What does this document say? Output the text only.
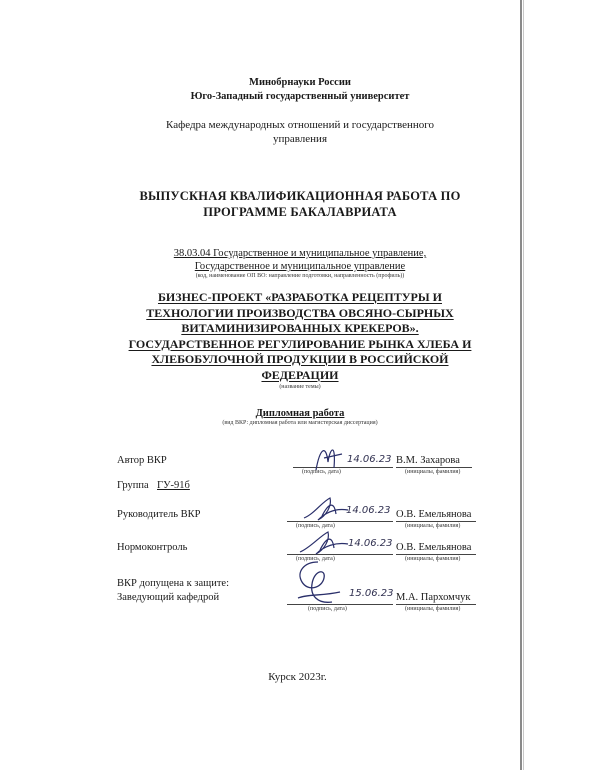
Минобрнауки России
Юго-Западный государственный университет
Кафедра международных отношений и государственного
управления
ВЫПУСКНАЯ КВАЛИФИКАЦИОННАЯ РАБОТА ПО
ПРОГРАММЕ БАКАЛАВРИАТА
38.03.04 Государственное и муниципальное управление,
Государственное и муниципальное управление
(код, наименование ОП ВО: направление подготовки, направленность (профиль))
БИЗНЕС-ПРОЕКТ «РАЗРАБОТКА РЕЦЕПТУРЫ И
ТЕХНОЛОГИИ ПРОИЗВОДСТВА ОВСЯНО-СЫРНЫХ
ВИТАМИНИЗИРОВАННЫХ КРЕКЕРОВ».
ГОСУДАРСТВЕННОЕ РЕГУЛИРОВАНИЕ РЫНКА ХЛЕБА И
ХЛЕБОБУЛОЧНОЙ ПРОДУКЦИИ В РОССИЙСКОЙ
ФЕДЕРАЦИИ
(название темы)
Дипломная работа
(вид ВКР: дипломная работа или магистерская диссертация)
Автор ВКР
(подпись, дата)
14.06.23 В.М. Захарова
(инициалы, фамилия)
Группа ГУ-91б
Руководитель ВКР
(подпись, дата)
14.06.23 О.В. Емельянова
(инициалы, фамилия)
Нормоконтроль
(подпись, дата)
14.06.23 О.В. Емельянова
(инициалы, фамилия)
ВКР допущена к защите:
Заведующий кафедрой
(подпись, дата)
15.06.23 М.А. Пархомчук
(инициалы, фамилия)
Курск 2023г.
